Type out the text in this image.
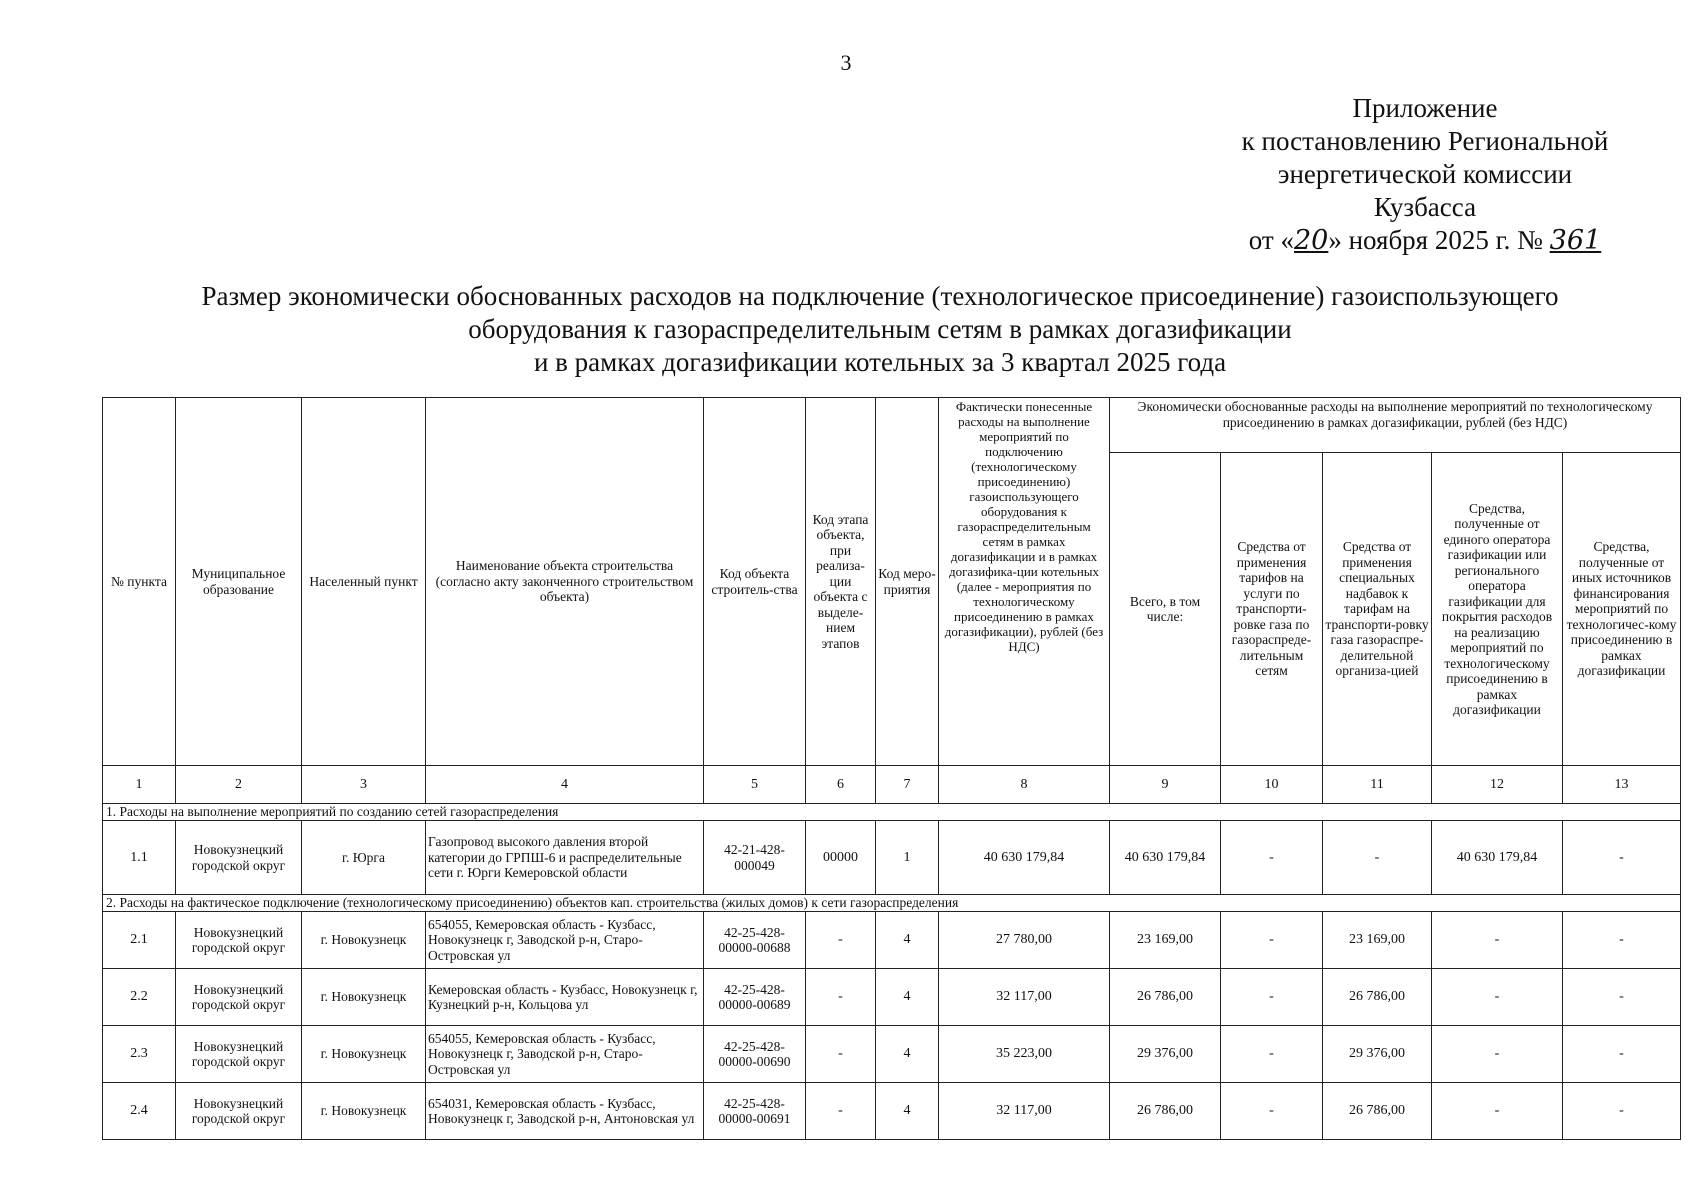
3
Приложение
к постановлению Региональной
энергетической комиссии
Кузбасса
от «20» ноября 2025 г. № 361
Размер экономически обоснованных расходов на подключение (технологическое присоединение) газоиспользующего
оборудования к газораспределительным сетям в рамках догазификации
и в рамках догазификации котельных за 3 квартал 2025 года
№ пункта	Муниципальное образование	Населенный пункт	Наименование объекта строительства (согласно акту законченного строительством объекта)	Код объекта строитель-ства	Код этапа объекта, при реализа-ции объекта с выделе-нием этапов	Код меро-приятия	Фактически понесенные расходы на выполнение мероприятий по подключению (технологическому присоединению) газоиспользующего оборудования к газораспределительным сетям в рамках догазификации и в рамках догазифика-ции котельных (далее - мероприятия по технологическому присоединению в рамках догазификации), рублей (без НДС)	Экономически обоснованные расходы на выполнение мероприятий по технологическому присоединению в рамках догазификации, рублей (без НДС)				
								Всего, в том числе:	Средства от применения тарифов на услуги по транспорти-ровке газа по газораспреде-лительным сетям	Средства от применения специальных надбавок к тарифам на транспорти-ровку газа газораспре-делительной организа-цией	Средства, полученные от единого оператора газификации или регионального оператора газификации для покрытия расходов на реализацию мероприятий по технологическому присоединению в рамках догазификации	Средства, полученные от иных источников финансирования мероприятий по технологичес-кому присоединению в рамках догазификации
1	2	3	4	5	6	7	8	9	10	11	12	13
1. Расходы на выполнение мероприятий по созданию сетей газораспределения												
1.1	Новокузнецкий городской округ	г. Юрга	Газопровод высокого давления второй категории до ГРПШ-6 и распределительные сети г. Юрги Кемеровской области	42-21-428-000049	00000	1	40 630 179,84	40 630 179,84	-	-	40 630 179,84	-
2. Расходы на фактическое подключение (технологическому присоединению) объектов кап. строительства (жилых домов) к сети газораспределения												
2.1	Новокузнецкий городской округ	г. Новокузнецк	654055, Кемеровская область - Кузбасс, Новокузнецк г, Заводской р-н, Старо-Островская ул	42-25-428-00000-00688	-	4	27 780,00	23 169,00	-	23 169,00	-	-
2.2	Новокузнецкий городской округ	г. Новокузнецк	Кемеровская область - Кузбасс, Новокузнецк г, Кузнецкий р-н, Кольцова ул	42-25-428-00000-00689	-	4	32 117,00	26 786,00	-	26 786,00	-	-
2.3	Новокузнецкий городской округ	г. Новокузнецк	654055, Кемеровская область - Кузбасс, Новокузнецк г, Заводской р-н, Старо-Островская ул	42-25-428-00000-00690	-	4	35 223,00	29 376,00	-	29 376,00	-	-
2.4	Новокузнецкий городской округ	г. Новокузнецк	654031, Кемеровская область - Кузбасс, Новокузнецк г, Заводской р-н, Антоновская ул	42-25-428-00000-00691	-	4	32 117,00	26 786,00	-	26 786,00	-	-
